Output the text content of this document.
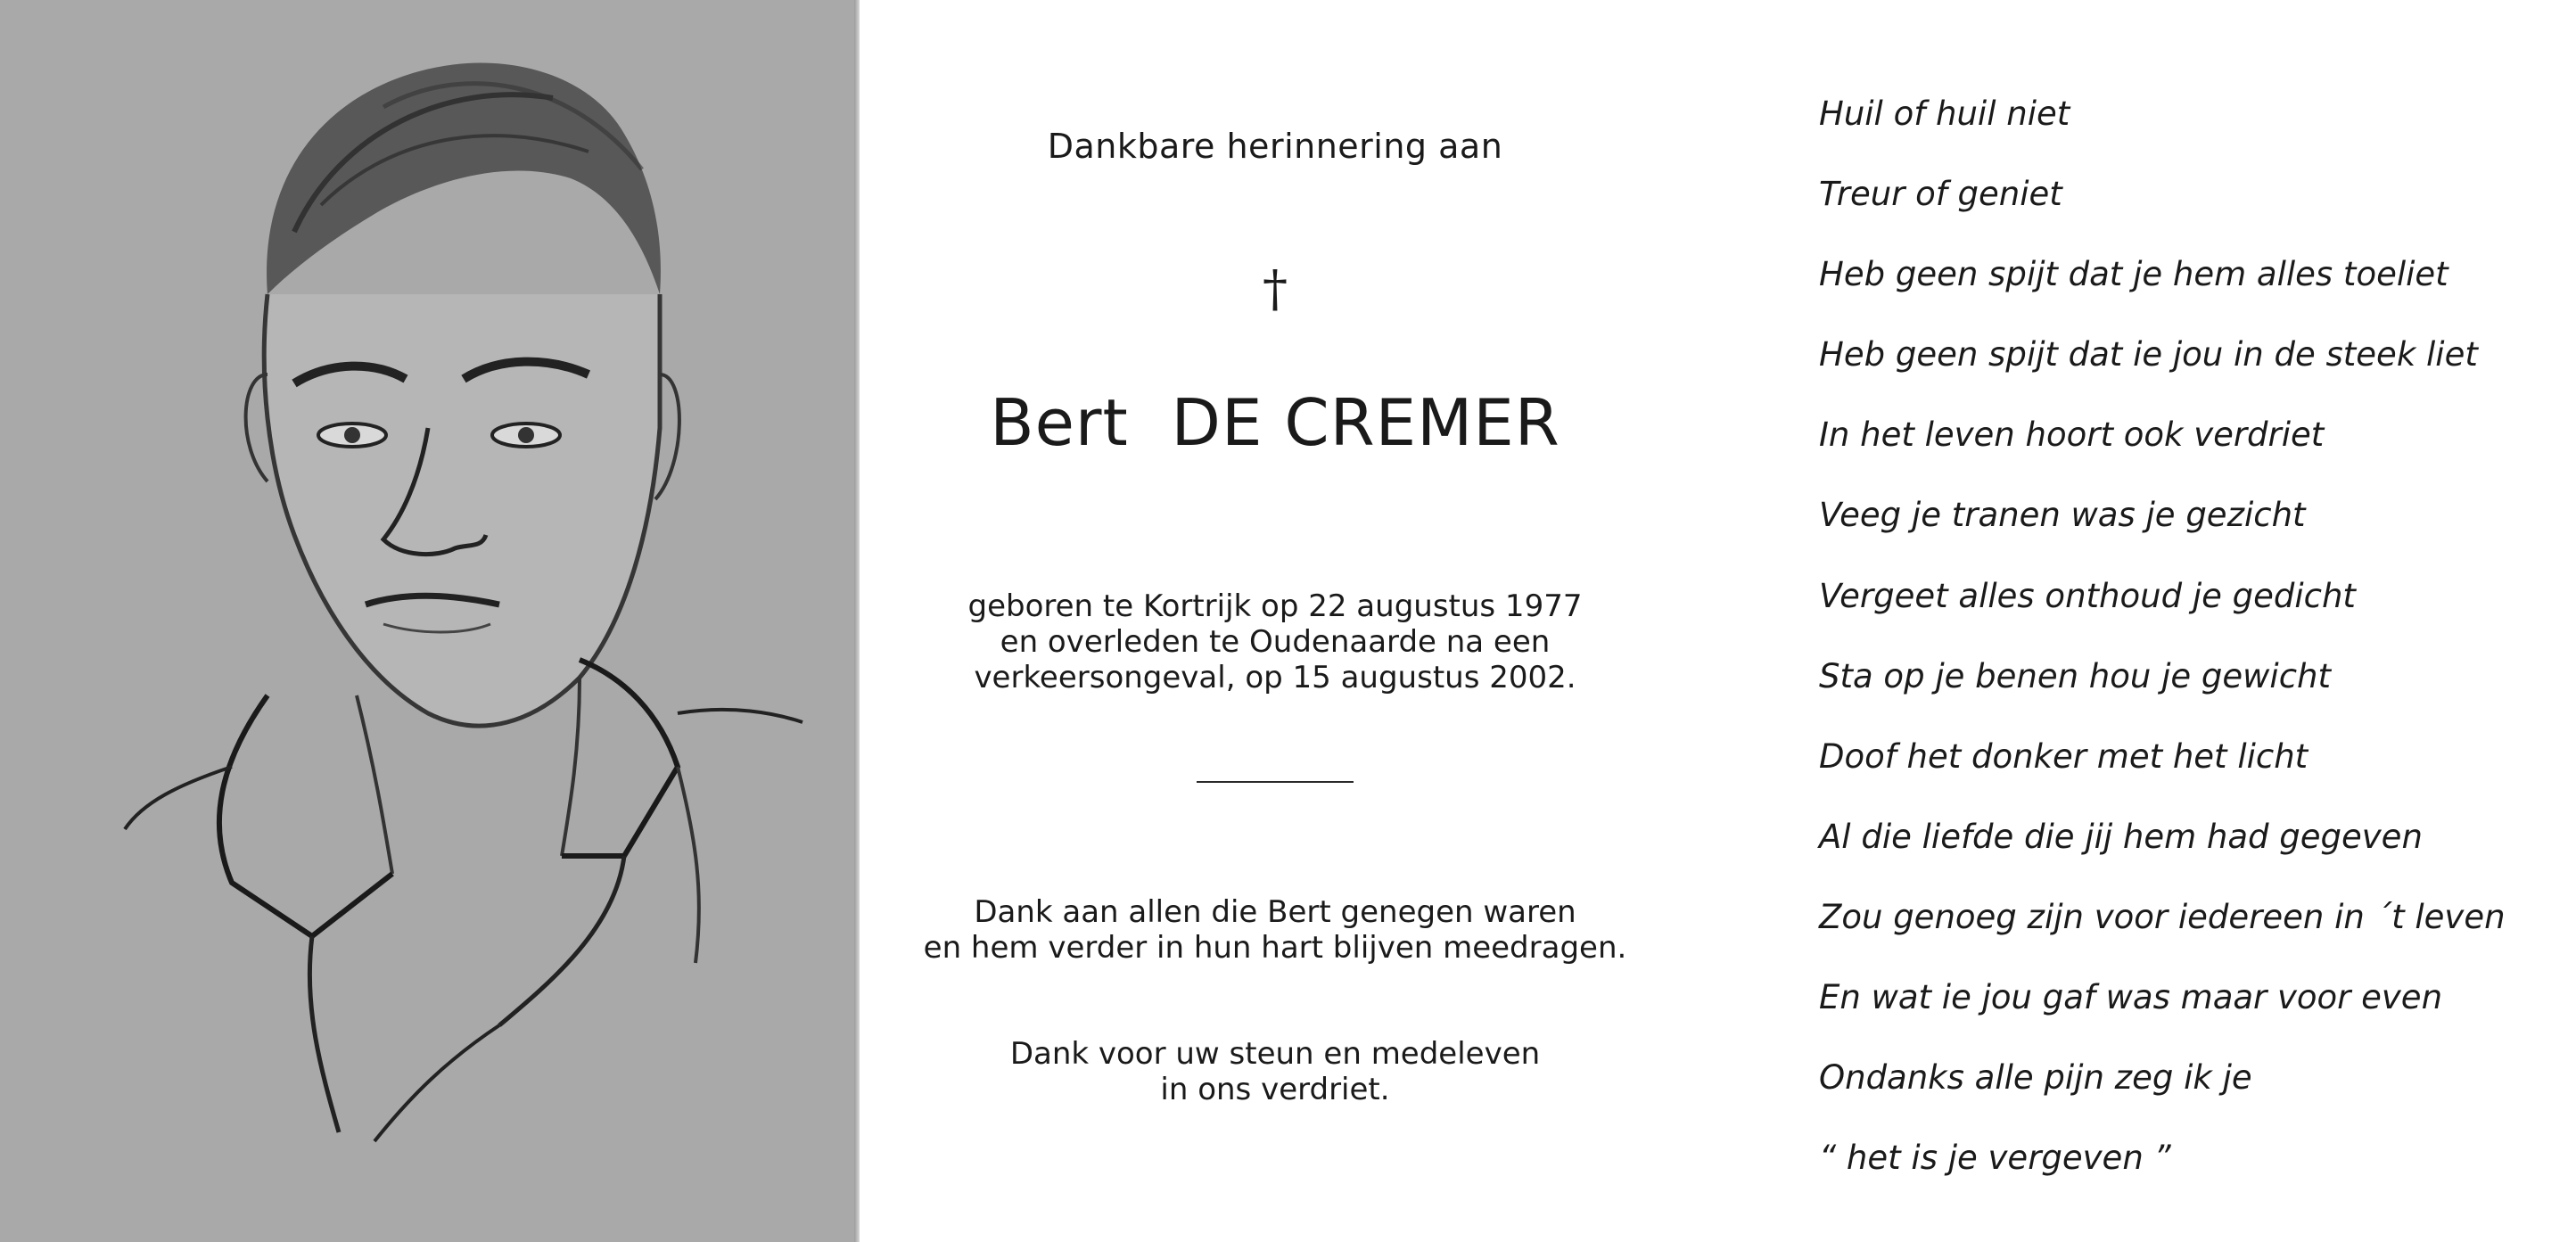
Dankbare herinnering aan
†
Bert  DE CREMER
geboren te Kortrijk op 22 augustus 1977
en overleden te Oudenaarde na een
verkeersongeval, op 15 augustus 2002.
Dank aan allen die Bert genegen waren
en hem verder in hun hart blijven meedragen.
Dank voor uw steun en medeleven
in ons verdriet.
Huil of huil niet
Treur of geniet
Heb geen spijt dat je hem alles toeliet
Heb geen spijt dat ie jou in de steek liet
In het leven hoort ook verdriet
Veeg je tranen was je gezicht
Vergeet alles onthoud je gedicht
Sta op je benen hou je gewicht
Doof het donker met het licht
Al die liefde die jij hem had gegeven
Zou genoeg zijn voor iedereen in ´t leven
En wat ie jou gaf was maar voor even
Ondanks alle pijn zeg ik je
“ het is je vergeven ”
